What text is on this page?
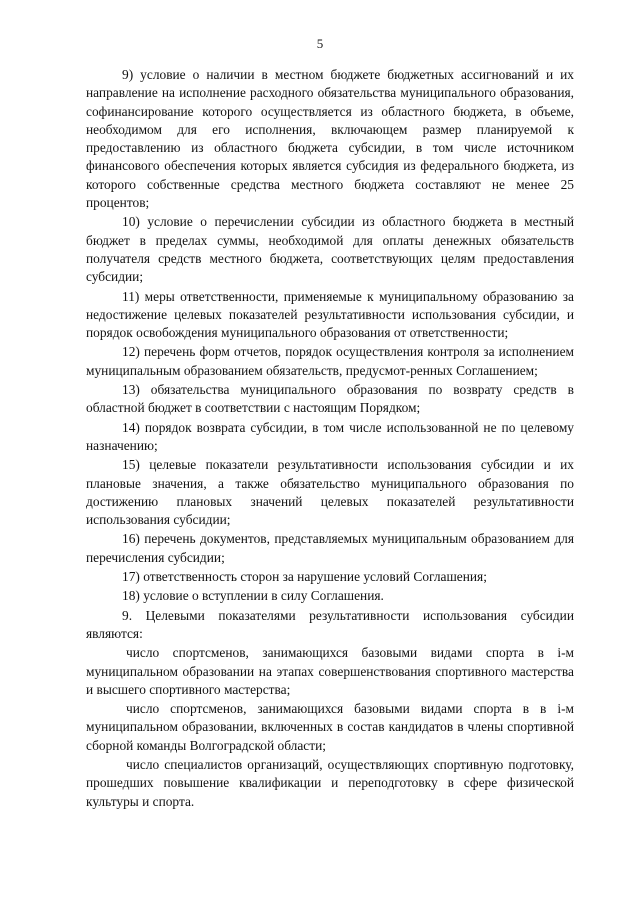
5

9) условие о наличии в местном бюджете бюджетных ассигнований и их направление на исполнение расходного обязательства муниципального образования, софинансирование которого осуществляется из областного бюджета, в объеме, необходимом для его исполнения, включающем размер планируемой к предоставлению из областного бюджета субсидии, в том числе источником финансового обеспечения которых является субсидия из федерального бюджета, из которого собственные средства местного бюджета составляют не менее 25 процентов;

10) условие о перечислении субсидии из областного бюджета в местный бюджет в пределах суммы, необходимой для оплаты денежных обязательств получателя средств местного бюджета, соответствующих целям предоставления субсидии;

11) меры ответственности, применяемые к муниципальному образованию за недостижение целевых показателей результативности использования субсидии, и порядок освобождения муниципального образования от ответственности;

12) перечень форм отчетов, порядок осуществления контроля за исполнением муниципальным образованием обязательств, предусмот-ренных Соглашением;

13) обязательства муниципального образования по возврату средств в областной бюджет в соответствии с настоящим Порядком;

14) порядок возврата субсидии, в том числе использованной не по целевому назначению;

15) целевые показатели результативности использования субсидии и их плановые значения, а также обязательство муниципального образования по достижению плановых значений целевых показателей результативности использования субсидии;

16) перечень документов, представляемых муниципальным образованием для перечисления субсидии;

17) ответственность сторон за нарушение условий Соглашения;

18) условие о вступлении в силу Соглашения.

9. Целевыми показателями результативности использования субсидии являются:

число спортсменов, занимающихся базовыми видами спорта в i-м муниципальном образовании на этапах совершенствования спортивного мастерства и высшего спортивного мастерства;

число спортсменов, занимающихся базовыми видами спорта в в i-м муниципальном образовании, включенных в состав кандидатов в члены спортивной сборной команды Волгоградской области;

число специалистов организаций, осуществляющих спортивную подготовку, прошедших повышение квалификации и переподготовку в сфере физической культуры и спорта.
